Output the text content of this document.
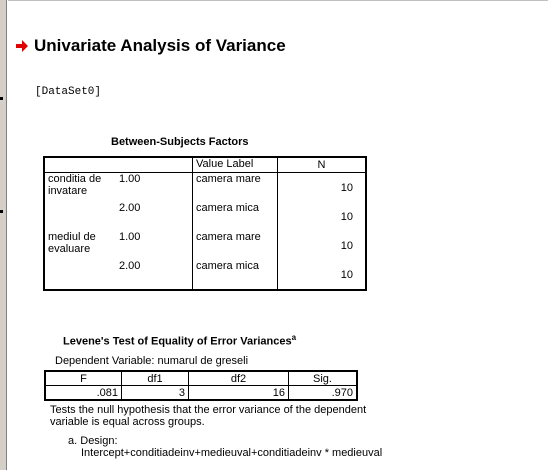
Univariate Analysis of Variance
[DataSet0]
Between-Subjects Factors
		Value Label	N
conditia de invatare	1.00	camera mare	10
	2.00	camera mica	10
mediul de evaluare	1.00	camera mare	10
	2.00	camera mica	10
Levene's Test of Equality of Error Variances$^a$
Dependent Variable: numarul de greseli
F	df1	df2	Sig.
.081	3	16	.970
Tests the null hypothesis that the error variance of the dependent variable is equal across groups.
a. Design:
Intercept+conditiadeinv+medieuval+conditiadeinv * medieuval
